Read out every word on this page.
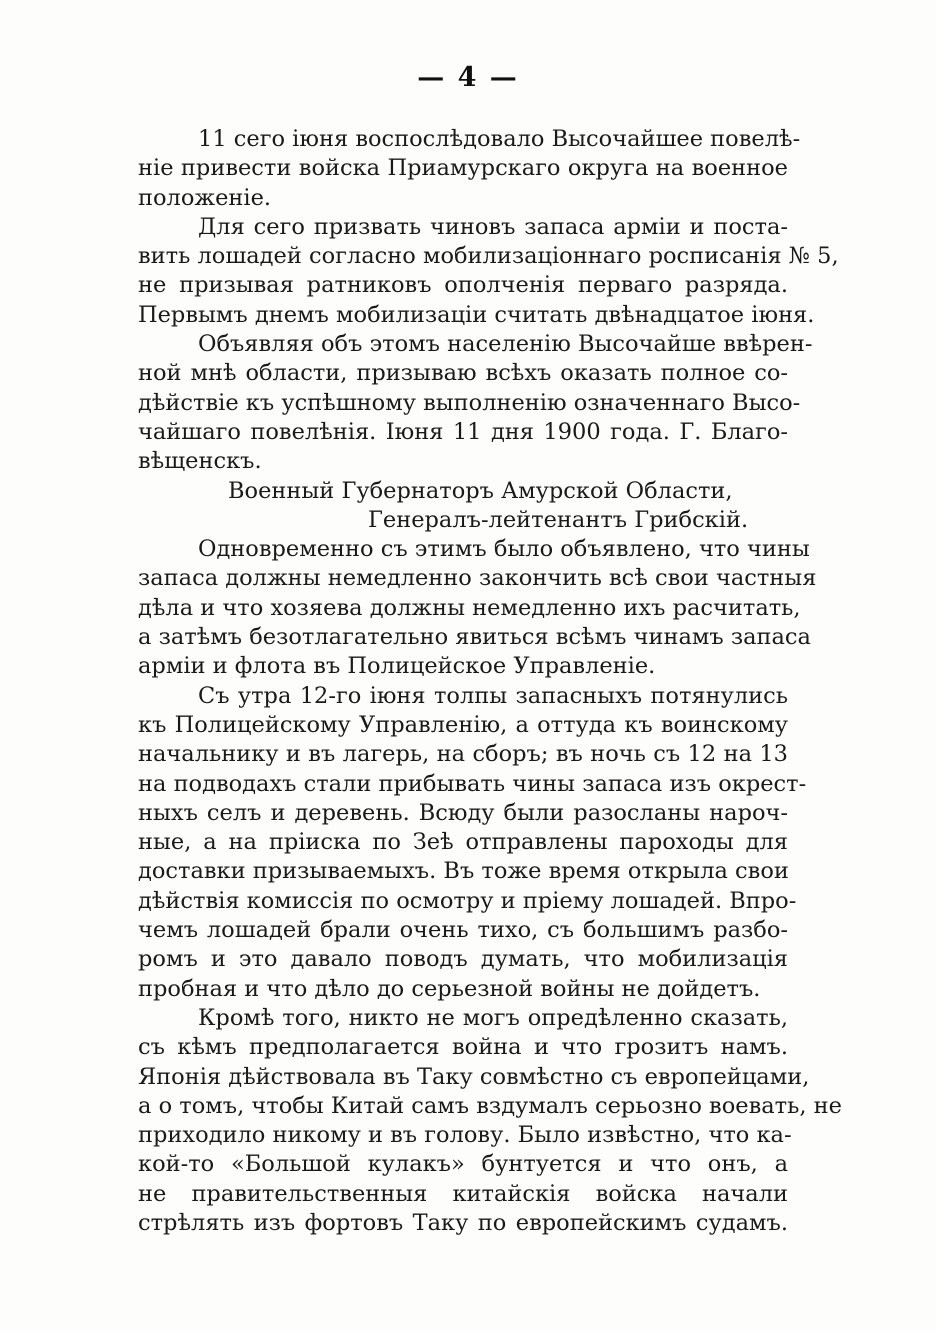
— 4 —
11 сего іюня воспослѣдовало Высочайшее повелѣ-
ніе привести войска Приамурскаго округа на военное
положеніе.
Для сего призвать чиновъ запаса арміи и поста-
вить лошадей согласно мобилизаціоннаго росписанія № 5,
не призывая ратниковъ ополченія перваго разряда.
Первымъ днемъ мобилизаціи считать двѣнадцатое іюня.
Объявляя объ этомъ населенію Высочайше ввѣрен-
ной мнѣ области, призываю всѣхъ оказать полное со-
дѣйствіе къ успѣшному выполненію означеннаго Высо-
чайшаго повелѣнія. Іюня 11 дня 1900 года. Г. Благо-
вѣщенскъ.
Военный Губернаторъ Амурской Области,
Генералъ-лейтенантъ Грибскій.
Одновременно съ этимъ было объявлено, что чины
запаса должны немедленно закончить всѣ свои частныя
дѣла и что хозяева должны немедленно ихъ расчитать,
а затѣмъ безотлагательно явиться всѣмъ чинамъ запаса
арміи и флота въ Полицейское Управленіе.
Съ утра 12-го іюня толпы запасныхъ потянулись
къ Полицейскому Управленію, а оттуда къ воинскому
начальнику и въ лагерь, на сборъ; въ ночь съ 12 на 13
на подводахъ стали прибывать чины запаса изъ окрест-
ныхъ селъ и деревень. Всюду были разосланы нароч-
ные, а на пріиска по Зеѣ отправлены пароходы для
доставки призываемыхъ. Въ тоже время открыла свои
дѣйствія комиссія по осмотру и пріему лошадей. Впро-
чемъ лошадей брали очень тихо, съ большимъ разбо-
ромъ и это давало поводъ думать, что мобилизація
пробная и что дѣло до серьезной войны не дойдетъ.
Кромѣ того, никто не могъ опредѣленно сказать,
съ кѣмъ предполагается война и что грозитъ намъ.
Японія дѣйствовала въ Таку совмѣстно съ европейцами,
а о томъ, чтобы Китай самъ вздумалъ серьозно воевать, не
приходило никому и въ голову. Было извѣстно, что ка-
кой-то «Большой кулакъ» бунтуется и что онъ, а
не правительственныя китайскія войска начали
стрѣлять изъ фортовъ Таку по европейскимъ судамъ.
